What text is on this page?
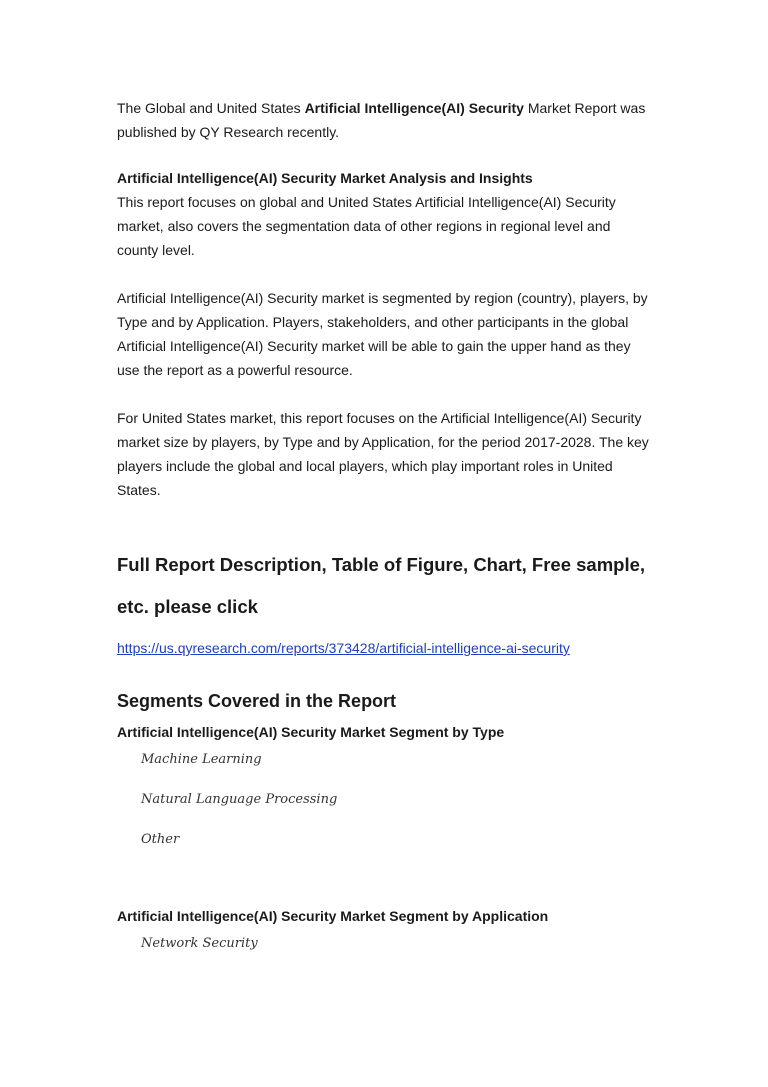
The Global and United States Artificial Intelligence(AI) Security Market Report was
published by QY Research recently.

Artificial Intelligence(AI) Security Market Analysis and Insights

This report focuses on global and United States Artificial Intelligence(AI) Security
market, also covers the segmentation data of other regions in regional level and
county level.

Artificial Intelligence(AI) Security market is segmented by region (country), players, by
Type and by Application. Players, stakeholders, and other participants in the global
Artificial Intelligence(AI) Security market will be able to gain the upper hand as they
use the report as a powerful resource.

For United States market, this report focuses on the Artificial Intelligence(AI) Security
market size by players, by Type and by Application, for the period 2017-2028. The key
players include the global and local players, which play important roles in United
States.

Full Report Description, Table of Figure, Chart, Free sample,
etc. please click

https://us.qyresearch.com/reports/373428/artificial-intelligence-ai-security

Segments Covered in the Report

Artificial Intelligence(AI) Security Market Segment by Type

Machine Learning

Natural Language Processing

Other

Artificial Intelligence(AI) Security Market Segment by Application

Network Security
